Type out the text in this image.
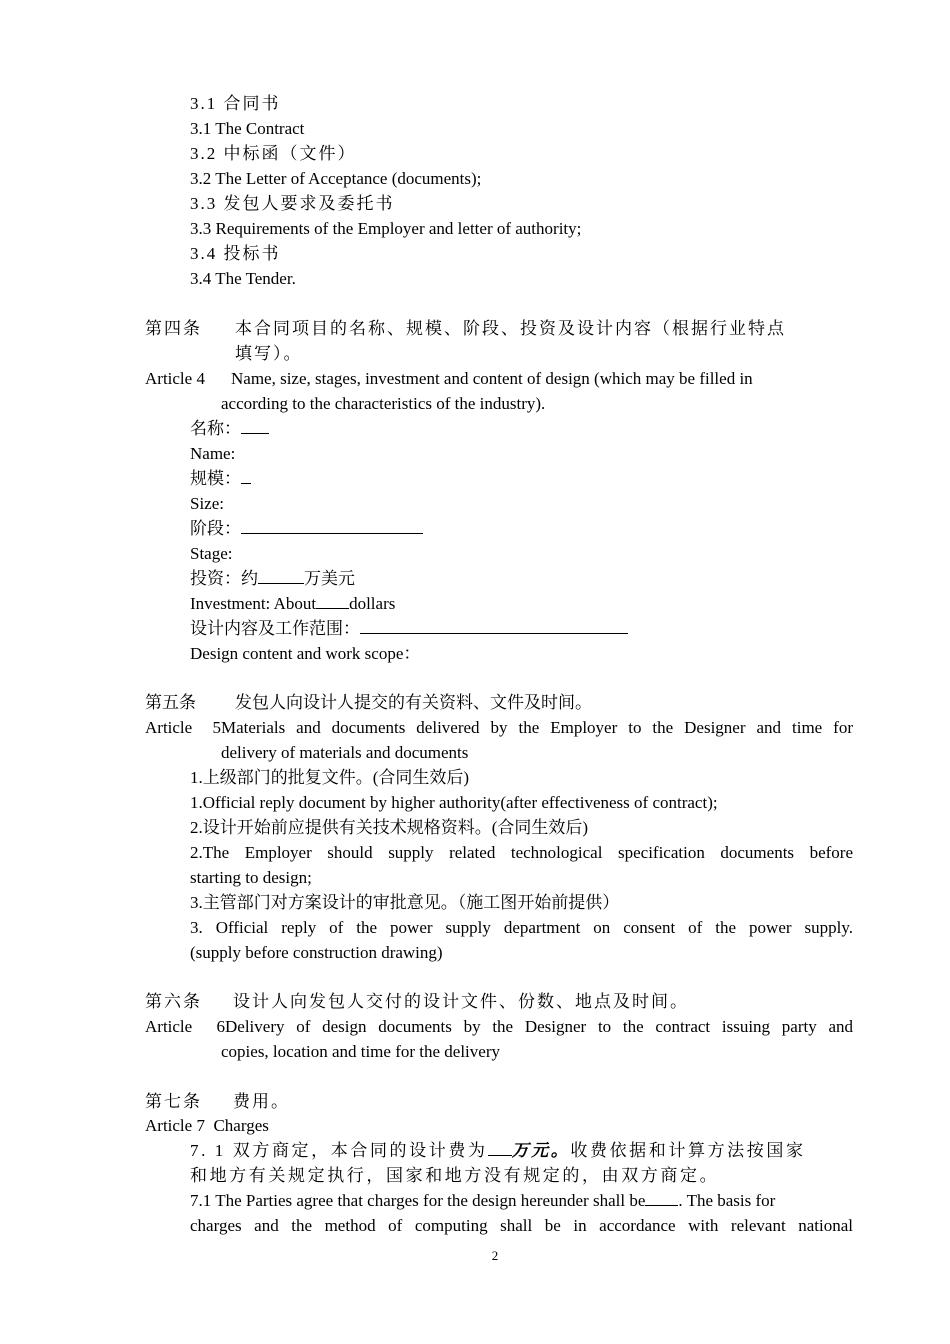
3.1 合同书
3.1 The Contract
3.2 中标函（文件）
3.2 The Letter of Acceptance (documents);
3.3 发包人要求及委托书
3.3 Requirements of the Employer and letter of authority;
3.4 投标书
3.4 The Tender.
第四条 本合同项目的名称、规模、阶段、投资及设计内容（根据行业特点
填写）。
Article 4 Name, size, stages, investment and content of design (which may be filled in
according to the characteristics of the industry).
名称：
Name:
规模：
Size:
阶段：
Stage:
投资：约	万美元
Investment: About dollars
设计内容及工作范围：
Design content and work scope：
第五条 发包人向设计人提交的有关资料、文件及时间。
Article 5Materials and documents delivered by the Employer to the Designer and time for
delivery of materials and documents
1.上级部门的批复文件。(合同生效后)
1.Official reply document by higher authority(after effectiveness of contract);
2.设计开始前应提供有关技术规格资料。(合同生效后)
2.The Employer should supply related technological specification documents before
starting to design;
3.主管部门对方案设计的审批意见。（施工图开始前提供）
3. Official reply of the power supply department on consent of the power supply.
(supply before construction drawing)
第六条 设计人向发包人交付的设计文件、份数、地点及时间。
Article 6Delivery of design documents by the Designer to the contract issuing party and
copies, location and time for the delivery
第七条 费用。
Article 7 Charges
7. 1 双方商定，本合同的设计费为 万元。收费依据和计算方法按国家
和地方有关规定执行，国家和地方没有规定的，由双方商定。
7.1 The Parties agree that charges for the design hereunder shall be . The basis for
charges and the method of computing shall be in accordance with relevant national
2
